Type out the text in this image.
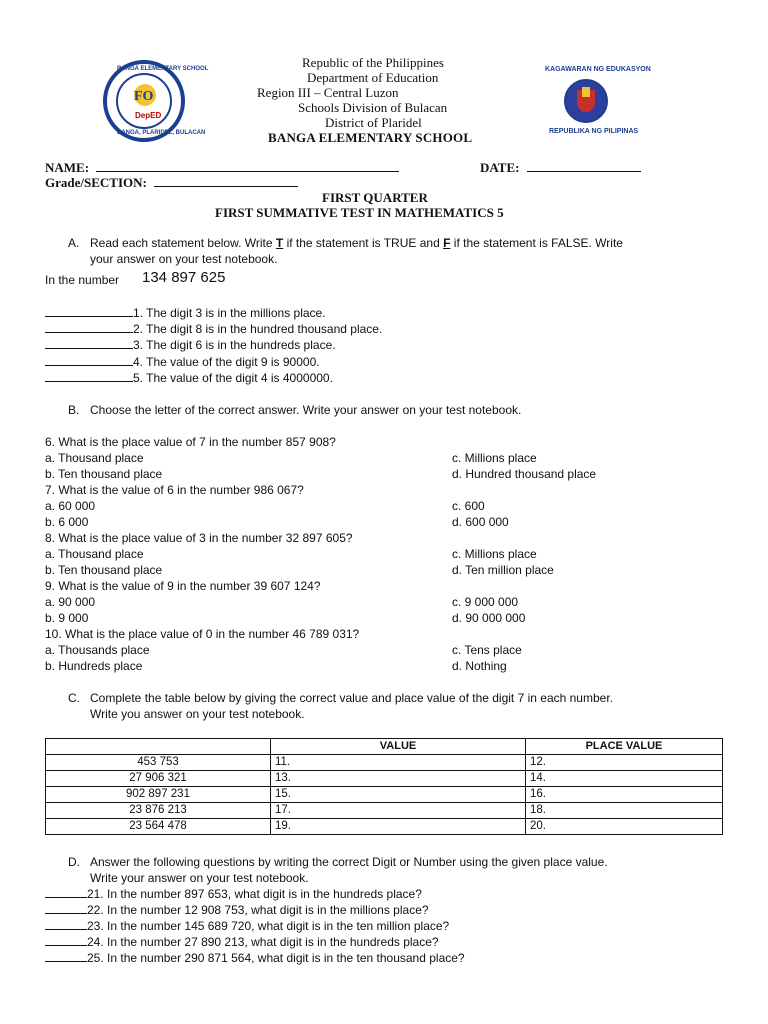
BANGA ELEMENTARY SCHOOL
FO
DepED
BANGA, PLARIDEL, BULACAN
KAGAWARAN NG EDUKASYON
REPUBLIKA NG PILIPINAS
Republic of the Philippines
Department of Education
Region III – Central Luzon
Schools Division of Bulacan
District of Plaridel
BANGA ELEMENTARY SCHOOL
NAME:	DATE:
Grade/SECTION:
FIRST QUARTER
FIRST SUMMATIVE TEST IN MATHEMATICS 5
A. Read each statement below. Write T if the statement is TRUE and F if the statement is FALSE. Write
your answer on your test notebook.
In the number 134 897 625
1. The digit 3 is in the millions place.
2. The digit 8 is in the hundred thousand place.
3. The digit 6 is in the hundreds place.
4. The value of the digit 9 is 90000.
5. The value of the digit 4 is 4000000.
B. Choose the letter of the correct answer. Write your answer on your test notebook.
6. What is the place value of 7 in the number 857 908?
a. Thousand place	c. Millions place
b. Ten thousand place	d. Hundred thousand place
7. What is the value of 6 in the number 986 067?
a. 60 000	c. 600
b. 6 000	d. 600 000
8. What is the place value of 3 in the number 32 897 605?
a. Thousand place	c. Millions place
b. Ten thousand place	d. Ten million place
9. What is the value of 9 in the number 39 607 124?
a. 90 000	c. 9 000 000
b. 9 000	d. 90 000 000
10. What is the place value of 0 in the number 46 789 031?
a. Thousands place	c. Tens place
b. Hundreds place	d. Nothing
C. Complete the table below by giving the correct value and place value of the digit 7 in each number.
Write you answer on your test notebook.
	VALUE	PLACE VALUE
453 753	11.	12.
27 906 321	13.	14.
902 897 231	15.	16.
23 876 213	17.	18.
23 564 478	19.	20.
D. Answer the following questions by writing the correct Digit or Number using the given place value.
Write your answer on your test notebook.
21. In the number 897 653, what digit is in the hundreds place?
22. In the number 12 908 753, what digit is in the millions place?
23. In the number 145 689 720, what digit is in the ten million place?
24. In the number 27 890 213, what digit is in the hundreds place?
25. In the number 290 871 564, what digit is in the ten thousand place?
